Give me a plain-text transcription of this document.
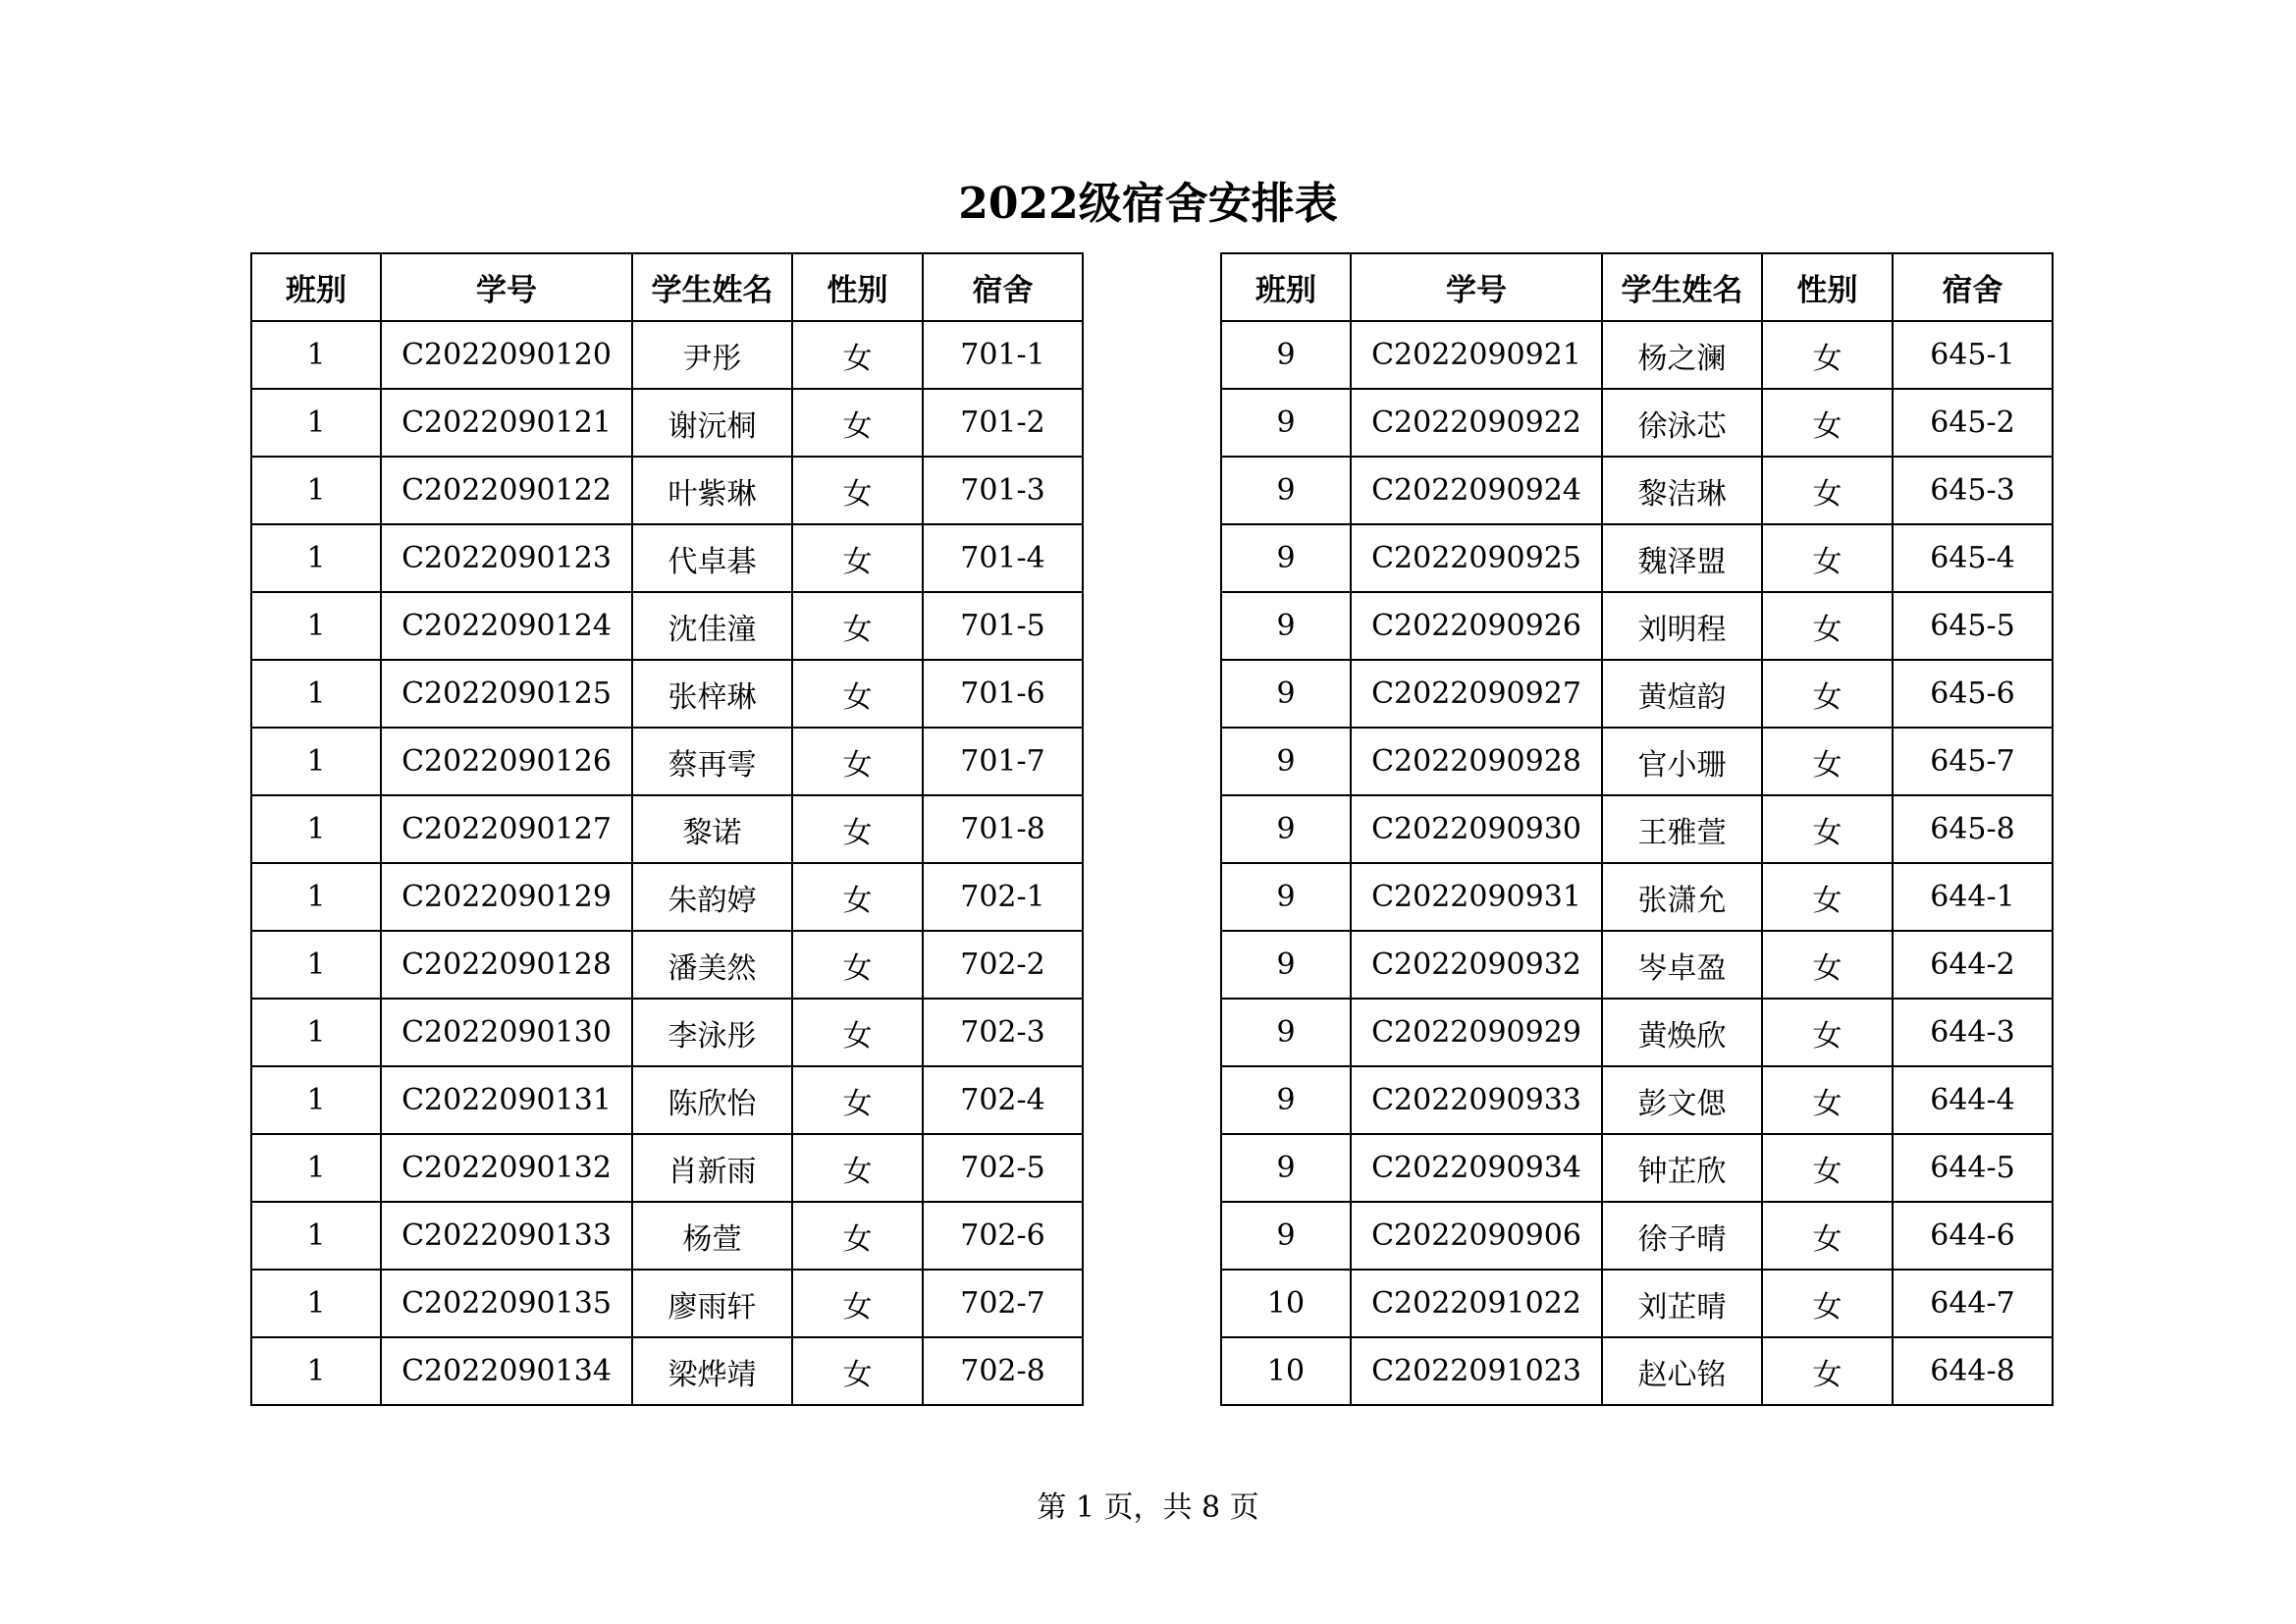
2022级宿舍安排表
班别	学号	学生姓名	性别	宿舍
1	C2022090120	尹彤	女	701-1
1	C2022090121	谢沅桐	女	701-2
1	C2022090122	叶紫琳	女	701-3
1	C2022090123	代卓碁	女	701-4
1	C2022090124	沈佳潼	女	701-5
1	C2022090125	张梓琳	女	701-6
1	C2022090126	蔡再雩	女	701-7
1	C2022090127	黎诺	女	701-8
1	C2022090129	朱韵婷	女	702-1
1	C2022090128	潘美然	女	702-2
1	C2022090130	李泳彤	女	702-3
1	C2022090131	陈欣怡	女	702-4
1	C2022090132	肖新雨	女	702-5
1	C2022090133	杨萱	女	702-6
1	C2022090135	廖雨轩	女	702-7
1	C2022090134	梁烨靖	女	702-8
班别	学号	学生姓名	性别	宿舍
9	C2022090921	杨之澜	女	645-1
9	C2022090922	徐泳芯	女	645-2
9	C2022090924	黎洁琳	女	645-3
9	C2022090925	魏泽盟	女	645-4
9	C2022090926	刘明程	女	645-5
9	C2022090927	黄煊韵	女	645-6
9	C2022090928	官小珊	女	645-7
9	C2022090930	王雅萱	女	645-8
9	C2022090931	张潇允	女	644-1
9	C2022090932	岑卓盈	女	644-2
9	C2022090929	黄焕欣	女	644-3
9	C2022090933	彭文偲	女	644-4
9	C2022090934	钟芷欣	女	644-5
9	C2022090906	徐子晴	女	644-6
10	C2022091022	刘芷晴	女	644-7
10	C2022091023	赵心铭	女	644-8
第 1 页，共 8 页
